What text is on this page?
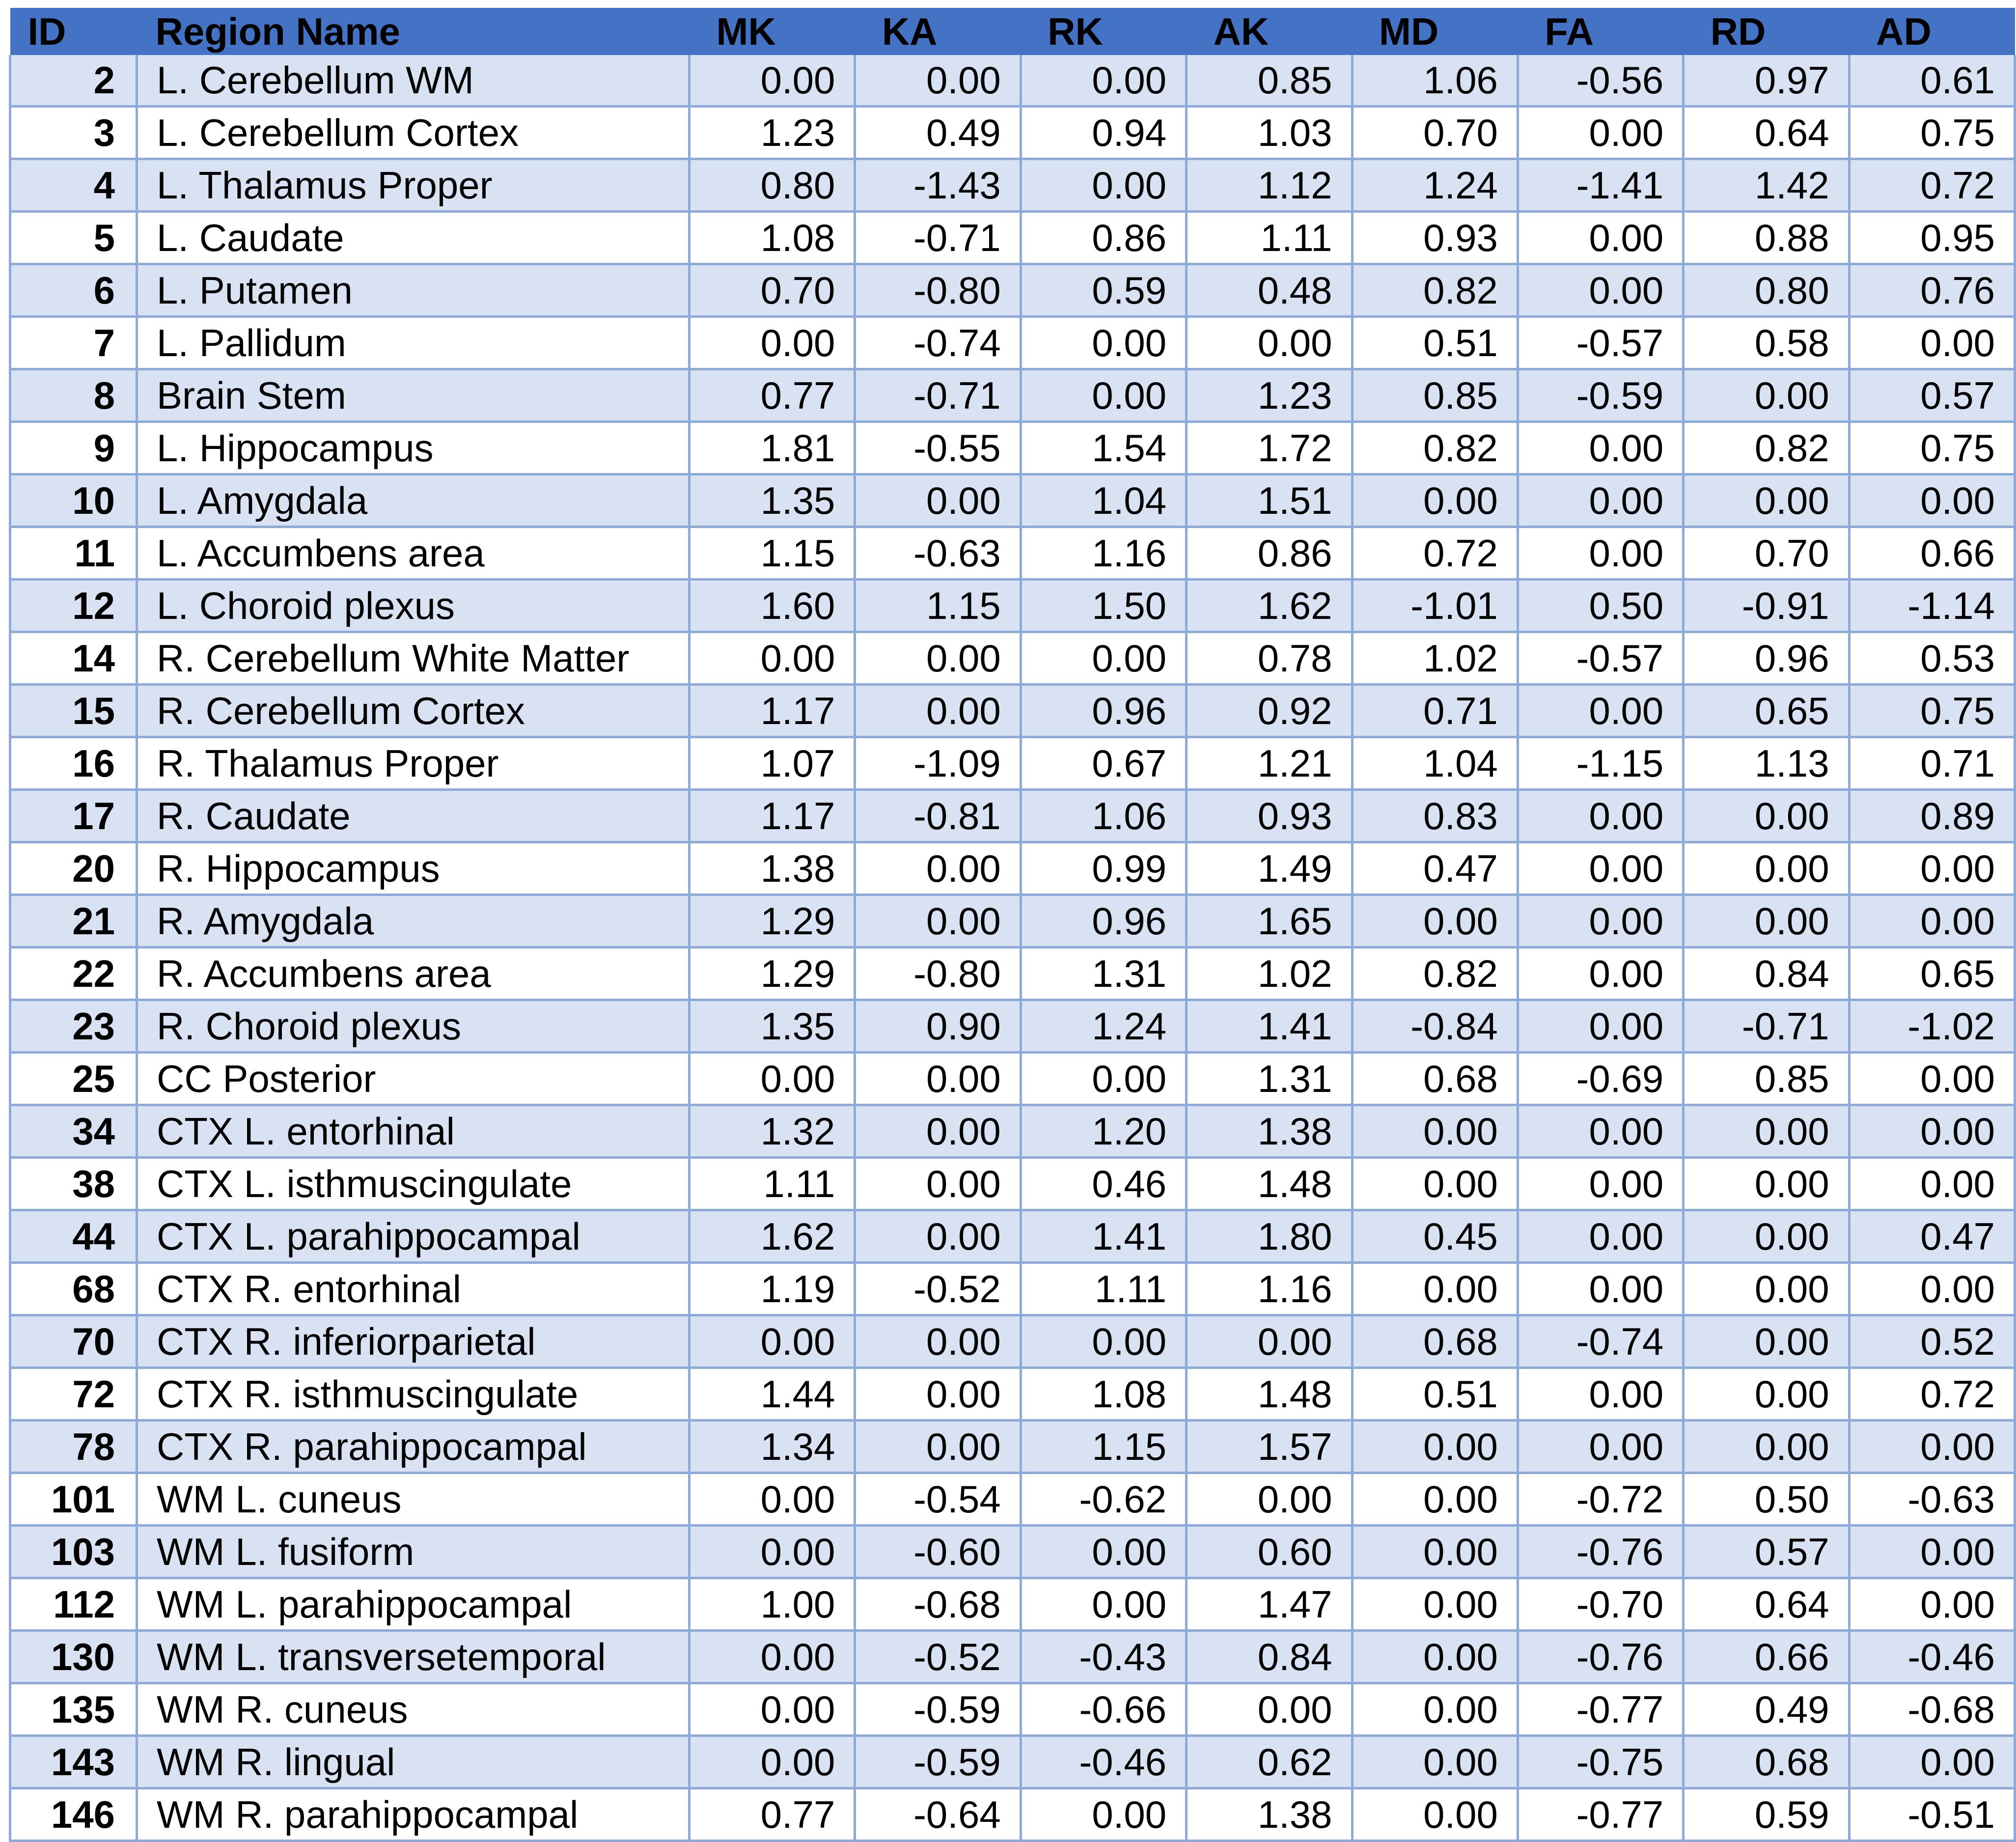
ID	Region Name	MK	KA	RK	AK	MD	FA	RD	AD
2	L. Cerebellum WM	0.00	0.00	0.00	0.85	1.06	-0.56	0.97	0.61
3	L. Cerebellum Cortex	1.23	0.49	0.94	1.03	0.70	0.00	0.64	0.75
4	L. Thalamus Proper	0.80	-1.43	0.00	1.12	1.24	-1.41	1.42	0.72
5	L. Caudate	1.08	-0.71	0.86	1.11	0.93	0.00	0.88	0.95
6	L. Putamen	0.70	-0.80	0.59	0.48	0.82	0.00	0.80	0.76
7	L. Pallidum	0.00	-0.74	0.00	0.00	0.51	-0.57	0.58	0.00
8	Brain Stem	0.77	-0.71	0.00	1.23	0.85	-0.59	0.00	0.57
9	L. Hippocampus	1.81	-0.55	1.54	1.72	0.82	0.00	0.82	0.75
10	L. Amygdala	1.35	0.00	1.04	1.51	0.00	0.00	0.00	0.00
11	L. Accumbens area	1.15	-0.63	1.16	0.86	0.72	0.00	0.70	0.66
12	L. Choroid plexus	1.60	1.15	1.50	1.62	-1.01	0.50	-0.91	-1.14
14	R. Cerebellum White Matter	0.00	0.00	0.00	0.78	1.02	-0.57	0.96	0.53
15	R. Cerebellum Cortex	1.17	0.00	0.96	0.92	0.71	0.00	0.65	0.75
16	R. Thalamus Proper	1.07	-1.09	0.67	1.21	1.04	-1.15	1.13	0.71
17	R. Caudate	1.17	-0.81	1.06	0.93	0.83	0.00	0.00	0.89
20	R. Hippocampus	1.38	0.00	0.99	1.49	0.47	0.00	0.00	0.00
21	R. Amygdala	1.29	0.00	0.96	1.65	0.00	0.00	0.00	0.00
22	R. Accumbens area	1.29	-0.80	1.31	1.02	0.82	0.00	0.84	0.65
23	R. Choroid plexus	1.35	0.90	1.24	1.41	-0.84	0.00	-0.71	-1.02
25	CC Posterior	0.00	0.00	0.00	1.31	0.68	-0.69	0.85	0.00
34	CTX L. entorhinal	1.32	0.00	1.20	1.38	0.00	0.00	0.00	0.00
38	CTX L. isthmuscingulate	1.11	0.00	0.46	1.48	0.00	0.00	0.00	0.00
44	CTX L. parahippocampal	1.62	0.00	1.41	1.80	0.45	0.00	0.00	0.47
68	CTX R. entorhinal	1.19	-0.52	1.11	1.16	0.00	0.00	0.00	0.00
70	CTX R. inferiorparietal	0.00	0.00	0.00	0.00	0.68	-0.74	0.00	0.52
72	CTX R. isthmuscingulate	1.44	0.00	1.08	1.48	0.51	0.00	0.00	0.72
78	CTX R. parahippocampal	1.34	0.00	1.15	1.57	0.00	0.00	0.00	0.00
101	WM L. cuneus	0.00	-0.54	-0.62	0.00	0.00	-0.72	0.50	-0.63
103	WM L. fusiform	0.00	-0.60	0.00	0.60	0.00	-0.76	0.57	0.00
112	WM L. parahippocampal	1.00	-0.68	0.00	1.47	0.00	-0.70	0.64	0.00
130	WM L. transversetemporal	0.00	-0.52	-0.43	0.84	0.00	-0.76	0.66	-0.46
135	WM R. cuneus	0.00	-0.59	-0.66	0.00	0.00	-0.77	0.49	-0.68
143	WM R. lingual	0.00	-0.59	-0.46	0.62	0.00	-0.75	0.68	0.00
146	WM R. parahippocampal	0.77	-0.64	0.00	1.38	0.00	-0.77	0.59	-0.51
